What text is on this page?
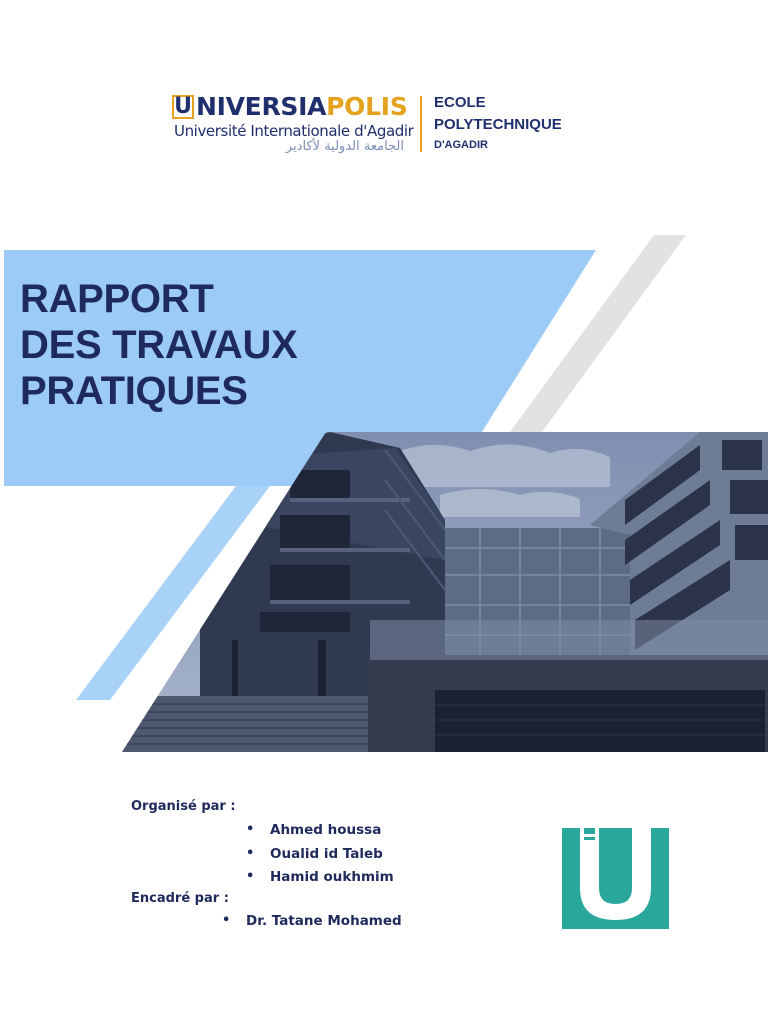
U NIVERSIAPOLIS
Université Internationale d'Agadir
الجامعة الدولية لأكادير
ECOLE
POLYTECHNIQUE
D'AGADIR
RAPPORT
DES TRAVAUX
PRATIQUES
Organisé par :
• Ahmed houssa
• Oualid id Taleb
• Hamid oukhmim
Encadré par :
• Dr. Tatane Mohamed
